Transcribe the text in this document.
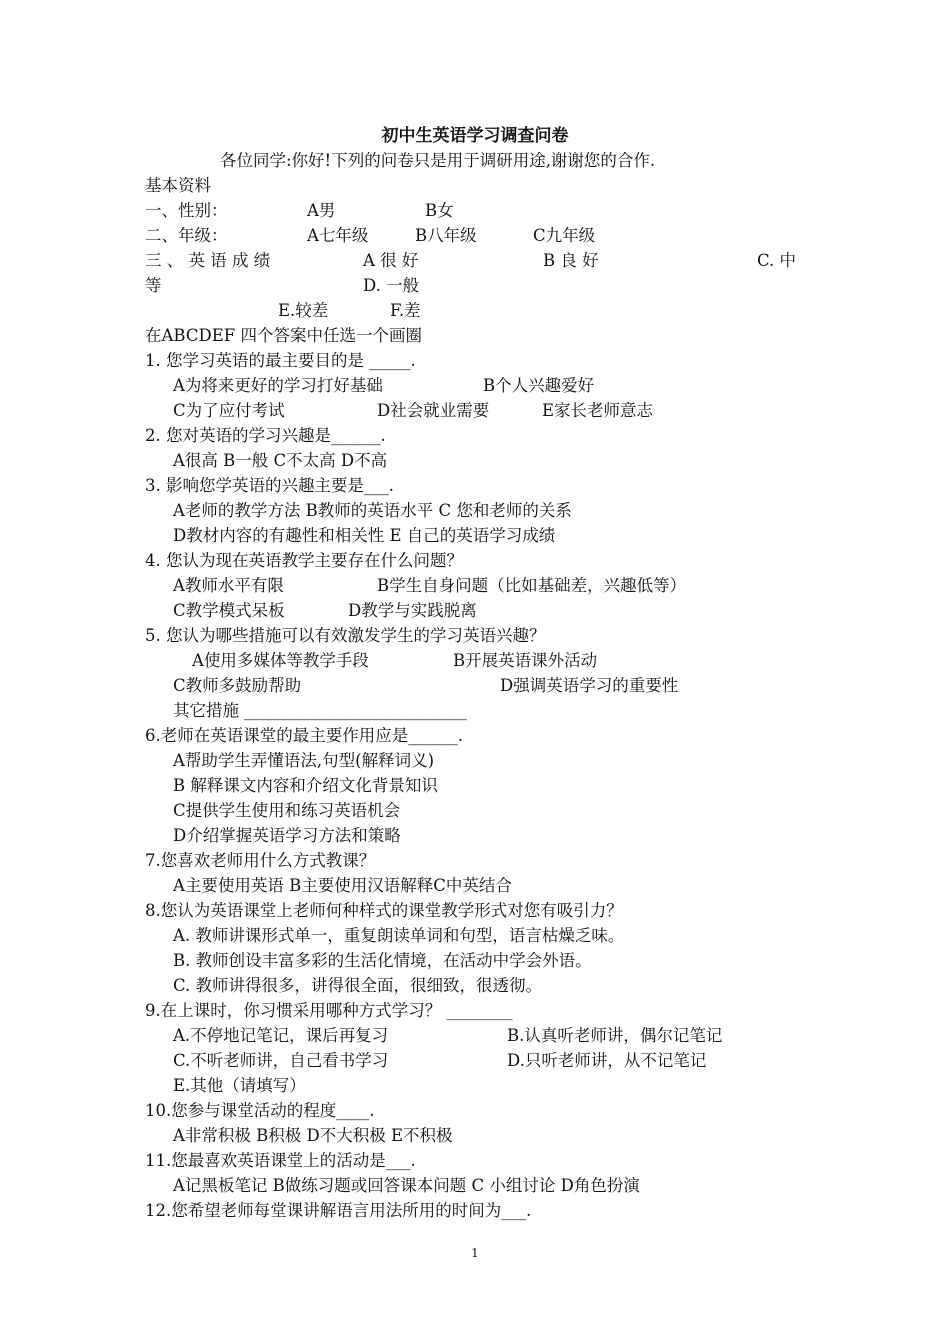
初中生英语学习调查问卷
各位同学:你好!下列的问卷只是用于调研用途,谢谢您的合作.
基本资料
一、性别：	A男	B女
二、年级：	A七年级	B八年级	C九年级
三 、 英 语 成 绩	A 很 好	B 良 好	C. 中
等	D. 一般
E.较差	F.差
在ABCDEF 四个答案中任选一个画圈
1. 您学习英语的最主要目的是 _____.
A为将来更好的学习打好基础	B个人兴趣爱好
C为了应付考试	D社会就业需要	E家长老师意志
2. 您对英语的学习兴趣是______.
A很高 B一般 C不太高 D不高
3. 影响您学英语的兴趣主要是___.
A老师的教学方法 B教师的英语水平 C 您和老师的关系
D教材内容的有趣性和相关性 E 自己的英语学习成绩
4. 您认为现在英语教学主要存在什么问题？
A教师水平有限	B学生自身问题（比如基础差，兴趣低等）
C教学模式呆板	D教学与实践脱离
5. 您认为哪些措施可以有效激发学生的学习英语兴趣？
A使用多媒体等教学手段	B开展英语课外活动
C教师多鼓励帮助	D强调英语学习的重要性
其它措施 ___________________________
6.老师在英语课堂的最主要作用应是______.
A帮助学生弄懂语法,句型(解释词义)
B 解释课文内容和介绍文化背景知识
C提供学生使用和练习英语机会
D介绍掌握英语学习方法和策略
7.您喜欢老师用什么方式教课？
A主要使用英语 B主要使用汉语解释C中英结合
8.您认为英语课堂上老师何种样式的课堂教学形式对您有吸引力？
A. 教师讲课形式单一，重复朗读单词和句型，语言枯燥乏味。
B. 教师创设丰富多彩的生活化情境，在活动中学会外语。
C. 教师讲得很多，讲得很全面，很细致，很透彻。
9.在上课时，你习惯采用哪种方式学习？ ________
A.不停地记笔记，课后再复习	B.认真听老师讲，偶尔记笔记
C.不听老师讲，自己看书学习	D.只听老师讲，从不记笔记
E.其他（请填写）
10.您参与课堂活动的程度____.
A非常积极 B积极 D不大积极 E不积极
11.您最喜欢英语课堂上的活动是___.
A记黑板笔记 B做练习题或回答课本问题 C 小组讨论 D角色扮演
12.您希望老师每堂课讲解语言用法所用的时间为___.
1
